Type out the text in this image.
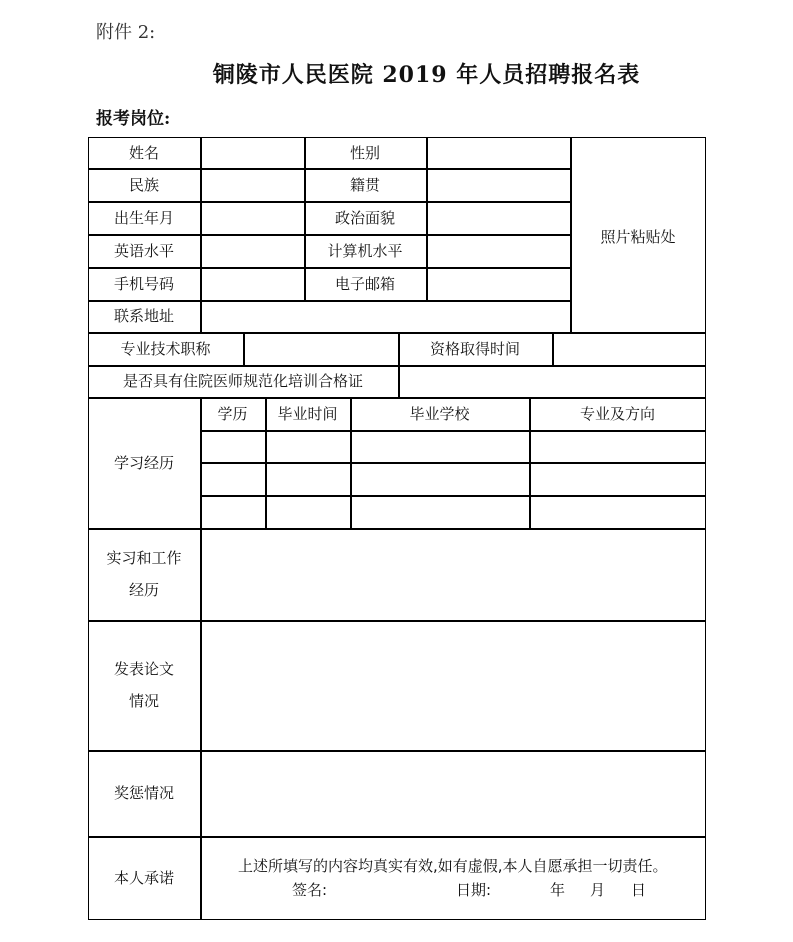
附件 2:
铜陵市人民医院 2019 年人员招聘报名表
报考岗位:
姓名	性别
民族	籍贯
出生年月	政治面貌
英语水平	计算机水平
手机号码	电子邮箱
联系地址
照片粘贴处
专业技术职称	资格取得时间
是否具有住院医师规范化培训合格证
学习经历
学历	毕业时间	毕业学校	专业及方向
实习和工作
经历
发表论文
情况
奖惩情况
本人承诺
上述所填写的内容均真实有效,如有虚假,本人自愿承担一切责任。
签名:	日期:	年 月 日
